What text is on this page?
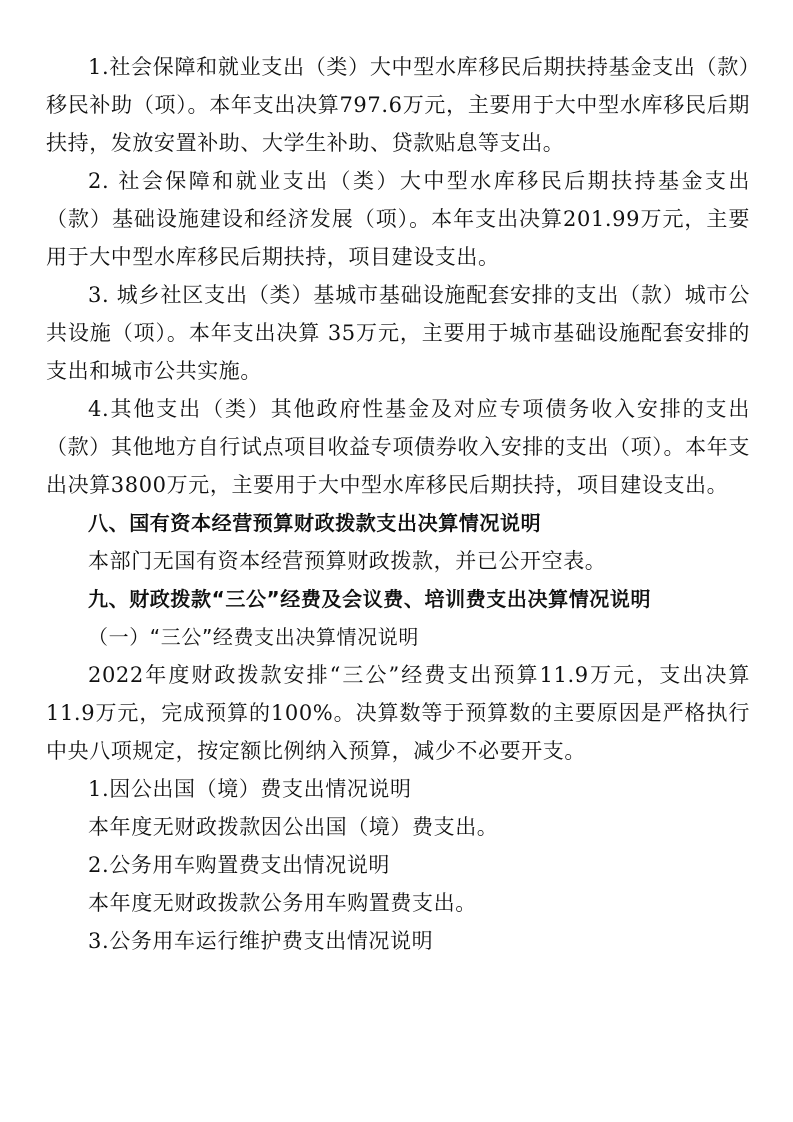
1.社会保障和就业支出（类）大中型水库移民后期扶持基金支出（款）移民补助（项）。本年支出决算797.6万元，主要用于大中型水库移民后期扶持，发放安置补助、大学生补助、贷款贴息等支出。

2. 社会保障和就业支出（类）大中型水库移民后期扶持基金支出（款）基础设施建设和经济发展（项）。本年支出决算201.99万元，主要用于大中型水库移民后期扶持，项目建设支出。

3. 城乡社区支出（类）基城市基础设施配套安排的支出（款）城市公共设施（项）。本年支出决算 35万元，主要用于城市基础设施配套安排的支出和城市公共实施。

4.其他支出（类）其他政府性基金及对应专项债务收入安排的支出（款）其他地方自行试点项目收益专项债券收入安排的支出（项）。本年支出决算3800万元，主要用于大中型水库移民后期扶持，项目建设支出。

八、国有资本经营预算财政拨款支出决算情况说明

本部门无国有资本经营预算财政拨款，并已公开空表。

九、财政拨款“三公”经费及会议费、培训费支出决算情况说明

（一）“三公”经费支出决算情况说明

2022年度财政拨款安排“三公”经费支出预算11.9万元，支出决算11.9万元，完成预算的100%。决算数等于预算数的主要原因是严格执行中央八项规定，按定额比例纳入预算，减少不必要开支。

1.因公出国（境）费支出情况说明

本年度无财政拨款因公出国（境）费支出。

2.公务用车购置费支出情况说明

本年度无财政拨款公务用车购置费支出。

3.公务用车运行维护费支出情况说明
